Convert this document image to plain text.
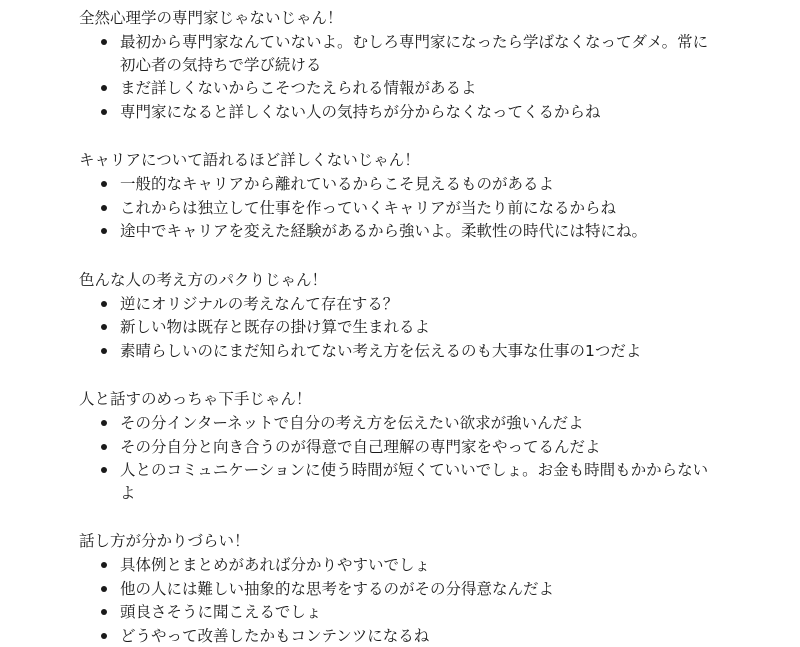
全然心理学の専門家じゃないじゃん！

最初から専門家なんていないよ。むしろ専門家になったら学ばなくなってダメ。常に初心者の気持ちで学び続ける
まだ詳しくないからこそつたえられる情報があるよ
専門家になると詳しくない人の気持ちが分からなくなってくるからね

キャリアについて語れるほど詳しくないじゃん！

一般的なキャリアから離れているからこそ見えるものがあるよ
これからは独立して仕事を作っていくキャリアが当たり前になるからね
途中でキャリアを変えた経験があるから強いよ。柔軟性の時代には特にね。

色んな人の考え方のパクりじゃん！

逆にオリジナルの考えなんて存在する？
新しい物は既存と既存の掛け算で生まれるよ
素晴らしいのにまだ知られてない考え方を伝えるのも大事な仕事の1つだよ

人と話すのめっちゃ下手じゃん！

その分インターネットで自分の考え方を伝えたい欲求が強いんだよ
その分自分と向き合うのが得意で自己理解の専門家をやってるんだよ
人とのコミュニケーションに使う時間が短くていいでしょ。お金も時間もかからないよ

話し方が分かりづらい！

具体例とまとめがあれば分かりやすいでしょ
他の人には難しい抽象的な思考をするのがその分得意なんだよ
頭良さそうに聞こえるでしょ
どうやって改善したかもコンテンツになるね
